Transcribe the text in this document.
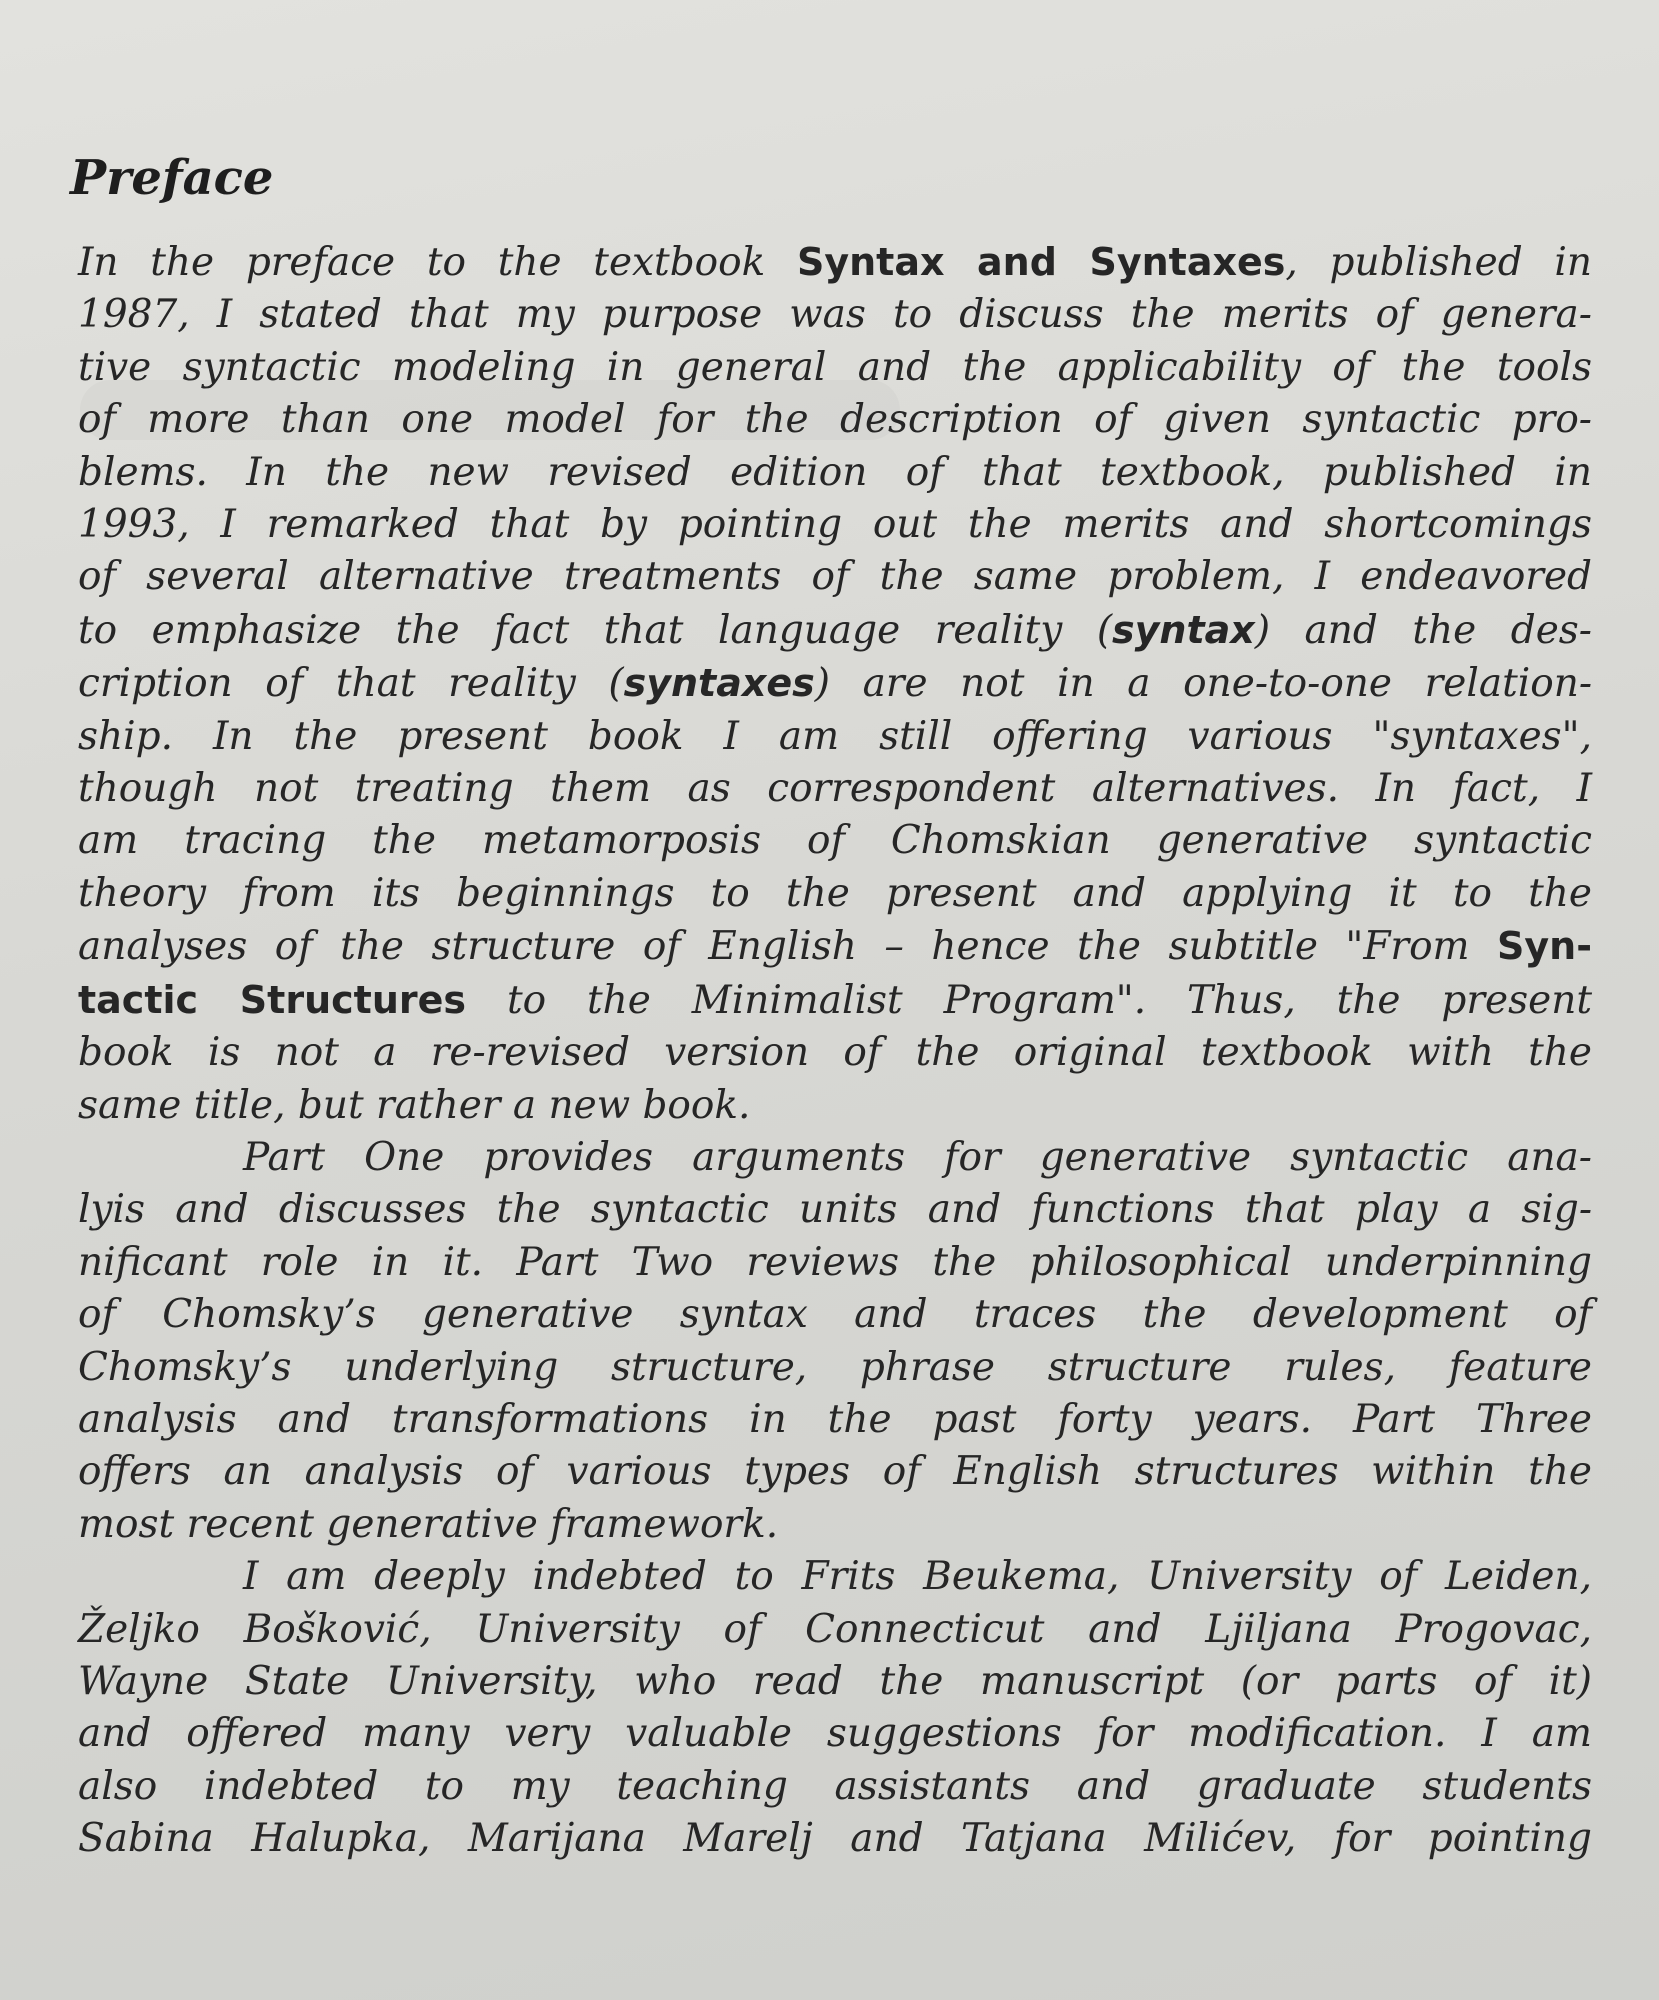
Preface
In the preface to the textbook Syntax and Syntaxes, published in
1987, I stated that my purpose was to discuss the merits of genera-
tive syntactic modeling in general and the applicability of the tools
of more than one model for the description of given syntactic pro-
blems. In the new revised edition of that textbook, published in
1993, I remarked that by pointing out the merits and shortcomings
of several alternative treatments of the same problem, I endeavored
to emphasize the fact that language reality (syntax) and the des-
cription of that reality (syntaxes) are not in a one-to-one relation-
ship. In the present book I am still offering various "syntaxes",
though not treating them as correspondent alternatives. In fact, I
am tracing the metamorposis of Chomskian generative syntactic
theory from its beginnings to the present and applying it to the
analyses of the structure of English – hence the subtitle "From Syn-
tactic Structures to the Minimalist Program". Thus, the present
book is not a re-revised version of the original textbook with the
same title, but rather a new book.
Part One provides arguments for generative syntactic ana-
lyis and discusses the syntactic units and functions that play a sig-
nificant role in it. Part Two reviews the philosophical underpinning
of Chomsky’s generative syntax and traces the development of
Chomsky’s underlying structure, phrase structure rules, feature
analysis and transformations in the past forty years. Part Three
offers an analysis of various types of English structures within the
most recent generative framework.
I am deeply indebted to Frits Beukema, University of Leiden,
Željko Bošković, University of Connecticut and Ljiljana Progovac,
Wayne State University, who read the manuscript (or parts of it)
and offered many very valuable suggestions for modification. I am
also indebted to my teaching assistants and graduate students
Sabina Halupka, Marijana Marelj and Tatjana Milićev, for pointing
